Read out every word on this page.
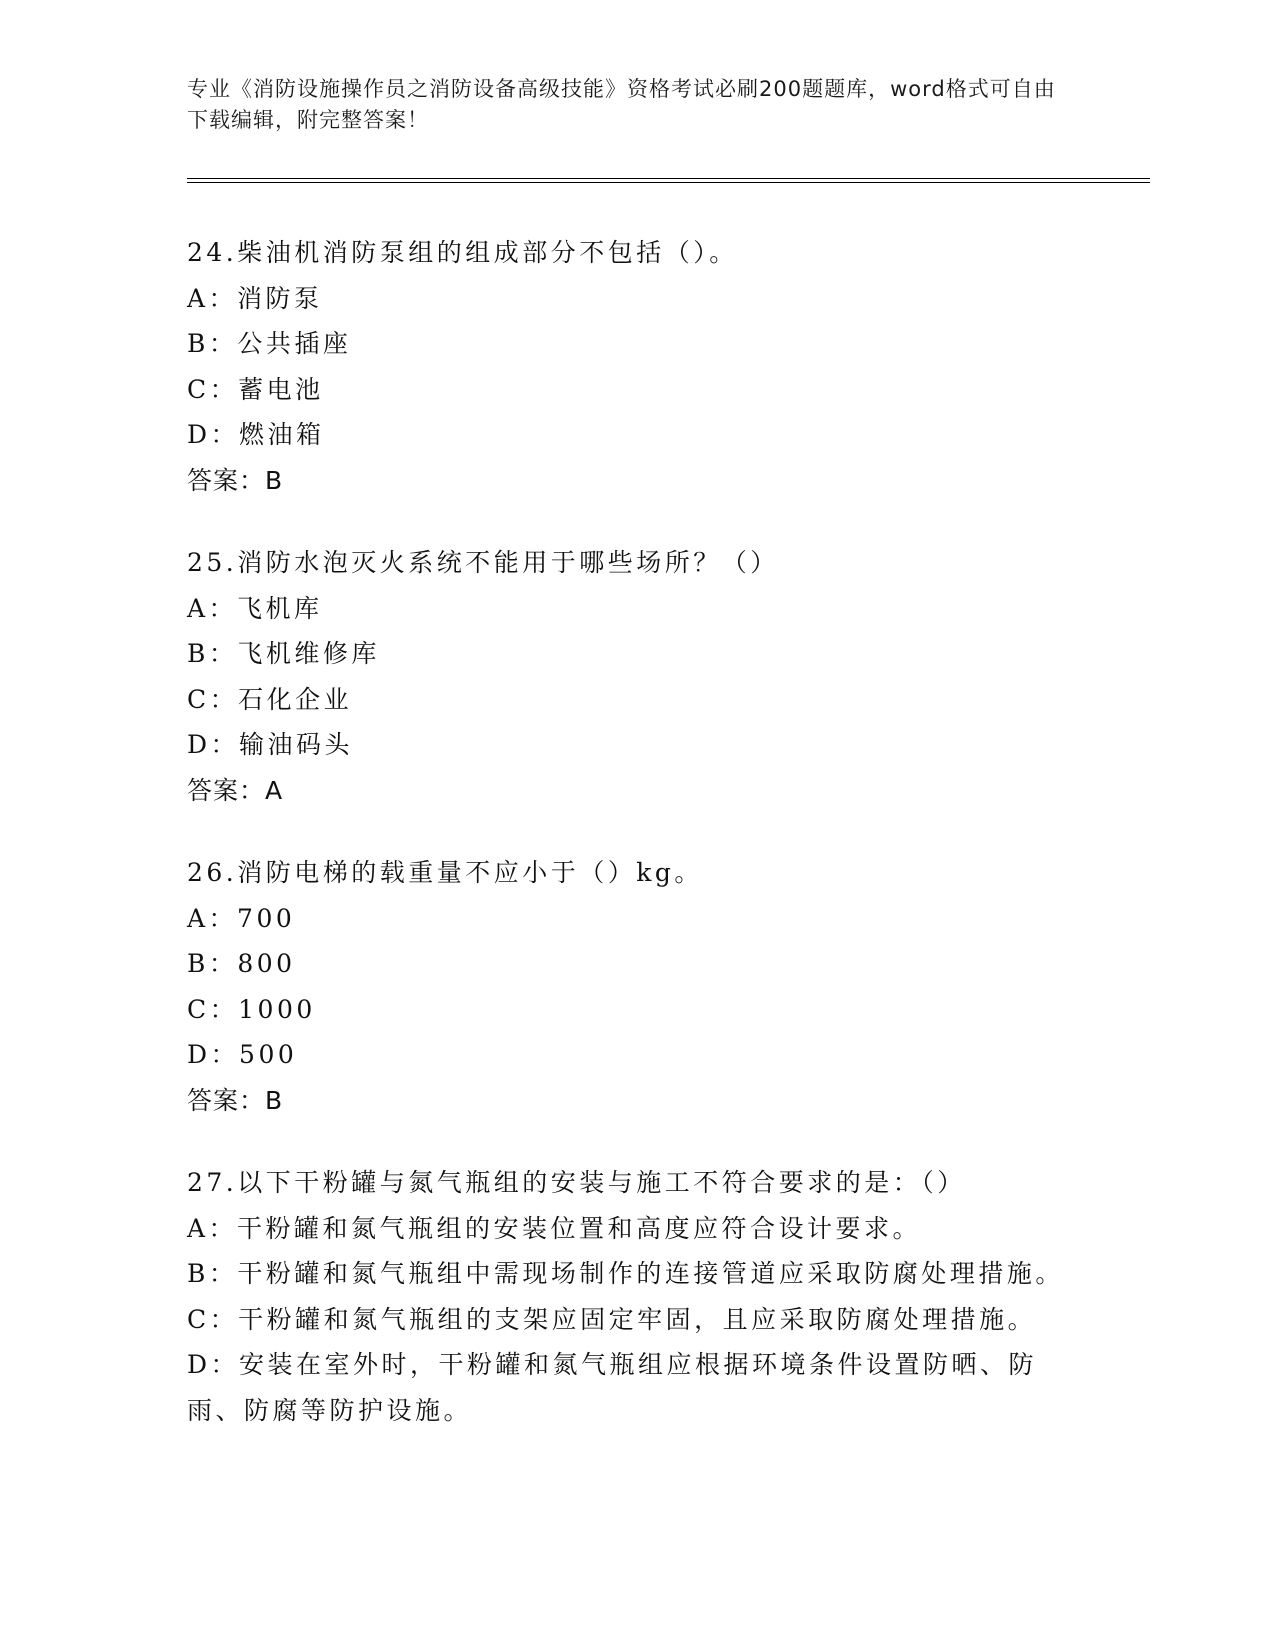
专业《消防设施操作员之消防设备高级技能》资格考试必刷200题题库，word格式可自由下载编辑，附完整答案！
24.柴油机消防泵组的组成部分不包括（）。
A：消防泵
B：公共插座
C：蓄电池
D：燃油箱
答案：B
25.消防水泡灭火系统不能用于哪些场所？（）
A：飞机库
B：飞机维修库
C：石化企业
D：输油码头
答案：A
26.消防电梯的载重量不应小于（）kg。
A：700
B：800
C：1000
D：500
答案：B
27.以下干粉罐与氮气瓶组的安装与施工不符合要求的是：（）
A：干粉罐和氮气瓶组的安装位置和高度应符合设计要求。
B：干粉罐和氮气瓶组中需现场制作的连接管道应采取防腐处理措施。
C：干粉罐和氮气瓶组的支架应固定牢固，且应采取防腐处理措施。
D：安装在室外时，干粉罐和氮气瓶组应根据环境条件设置防晒、防雨、防腐等防护设施。
